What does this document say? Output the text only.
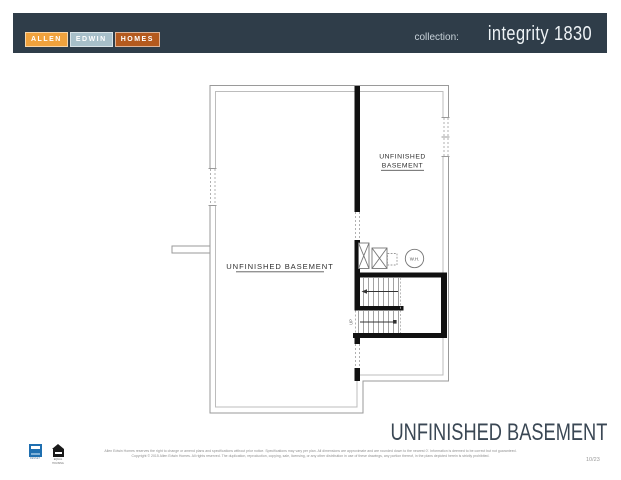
ALLEN	EDWIN	HOMES	collection: integrity 1830
UP
W.H.
UNFINISHED BASEMENT
UNFINISHED
BASEMENT
UNFINISHED BASEMENT
RESNET	EQUAL HOUSING
Allen Edwin Homes reserves the right to change or amend plans and specifications without prior notice. Specifications may vary per plan. All dimensions are approximate and are rounded down to the nearest 0'. Information is deemed to be correct but not guaranteed.
Copyright © 2015 Allen Edwin Homes. All rights reserved. The duplication, reproduction, copying, sale, licensing, or any other distribution in use of these drawings, any portion thereof, in the plans depicted herein is strictly prohibited.
10/23
